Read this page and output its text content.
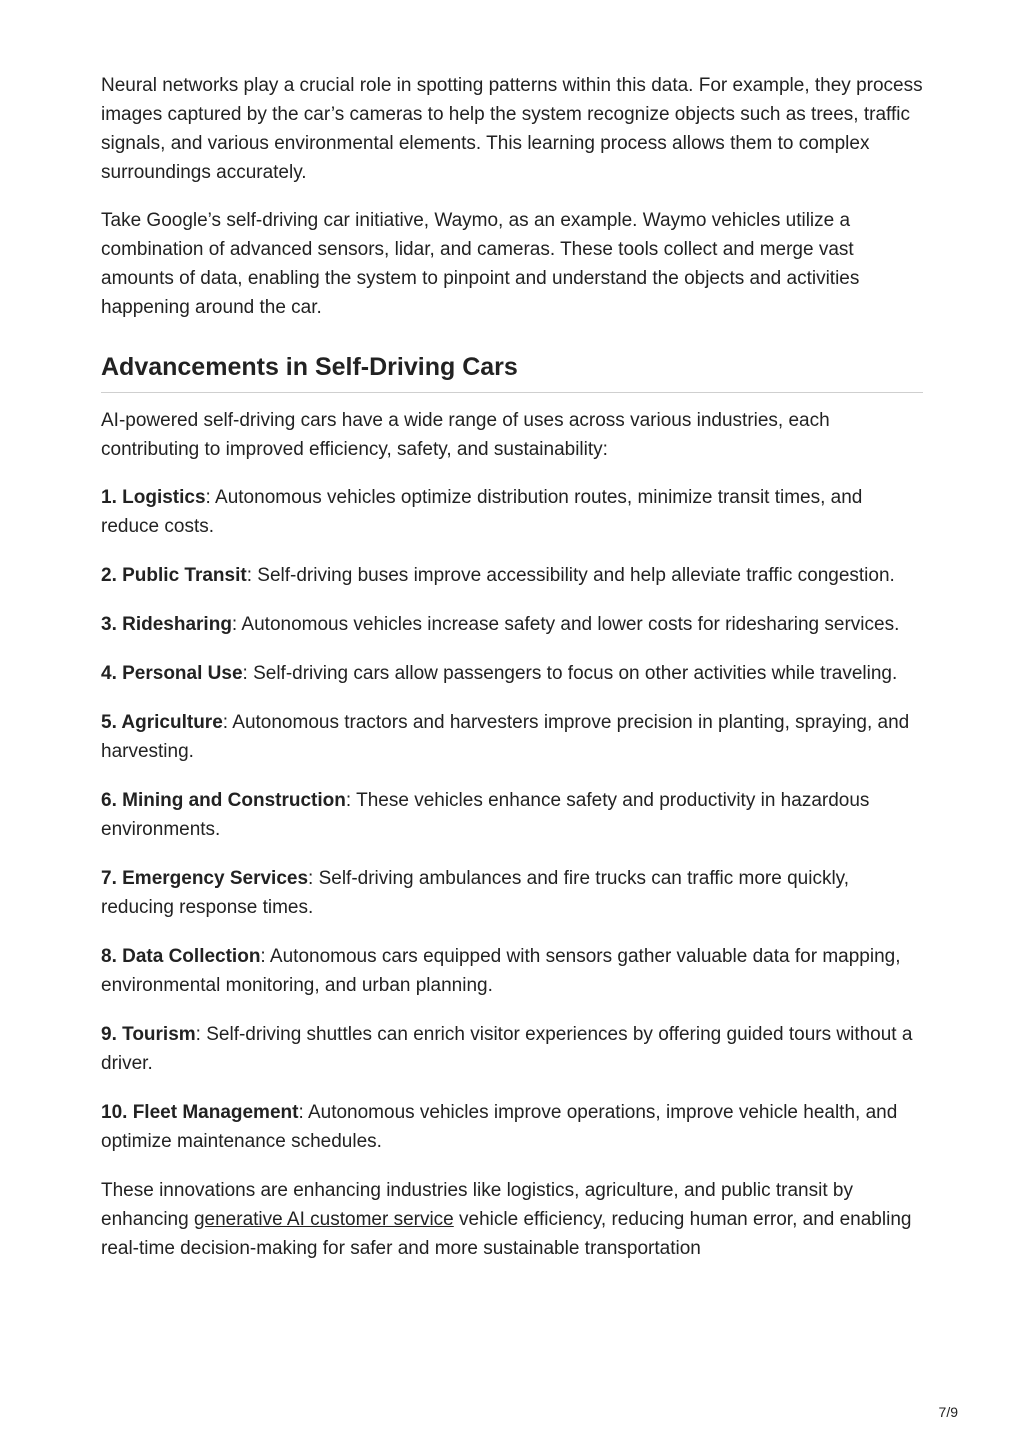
Neural networks play a crucial role in spotting patterns within this data. For example, they process images captured by the car’s cameras to help the system recognize objects such as trees, traffic signals, and various environmental elements. This learning process allows them to complex surroundings accurately.

Take Google’s self-driving car initiative, Waymo, as an example. Waymo vehicles utilize a combination of advanced sensors, lidar, and cameras. These tools collect and merge vast amounts of data, enabling the system to pinpoint and understand the objects and activities happening around the car.

Advancements in Self-Driving Cars

AI-powered self-driving cars have a wide range of uses across various industries, each contributing to improved efficiency, safety, and sustainability:

1. Logistics: Autonomous vehicles optimize distribution routes, minimize transit times, and reduce costs.

2. Public Transit: Self-driving buses improve accessibility and help alleviate traffic congestion.

3. Ridesharing: Autonomous vehicles increase safety and lower costs for ridesharing services.

4. Personal Use: Self-driving cars allow passengers to focus on other activities while traveling.

5. Agriculture: Autonomous tractors and harvesters improve precision in planting, spraying, and harvesting.

6. Mining and Construction: These vehicles enhance safety and productivity in hazardous environments.

7. Emergency Services: Self-driving ambulances and fire trucks can traffic more quickly, reducing response times.

8. Data Collection: Autonomous cars equipped with sensors gather valuable data for mapping, environmental monitoring, and urban planning.

9. Tourism: Self-driving shuttles can enrich visitor experiences by offering guided tours without a driver.

10. Fleet Management: Autonomous vehicles improve operations, improve vehicle health, and optimize maintenance schedules.

These innovations are enhancing industries like logistics, agriculture, and public transit by enhancing generative AI customer service vehicle efficiency, reducing human error, and enabling real-time decision-making for safer and more sustainable transportation

7/9
